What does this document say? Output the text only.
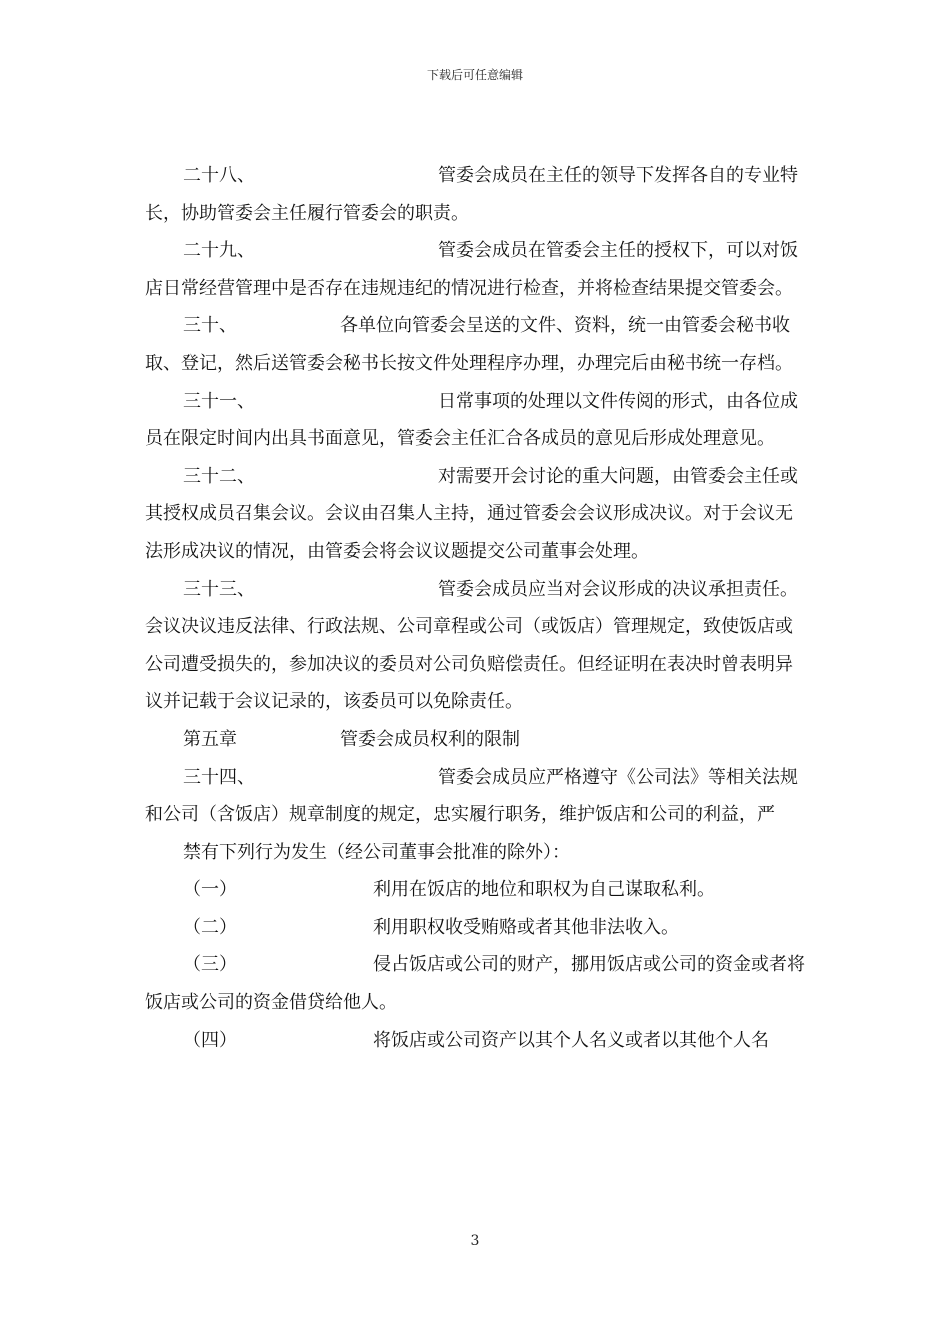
下载后可任意编辑

二十八、	管委会成员在主任的领导下发挥各自的专业特长，协助管委会主任履行管委会的职责。

二十九、	管委会成员在管委会主任的授权下，可以对饭店日常经营管理中是否存在违规违纪的情况进行检查，并将检查结果提交管委会。

三十、	各单位向管委会呈送的文件、资料，统一由管委会秘书收取、登记，然后送管委会秘书长按文件处理程序办理，办理完后由秘书统一存档。

三十一、	日常事项的处理以文件传阅的形式，由各位成员在限定时间内出具书面意见，管委会主任汇合各成员的意见后形成处理意见。

三十二、	对需要开会讨论的重大问题，由管委会主任或其授权成员召集会议。会议由召集人主持，通过管委会会议形成决议。对于会议无法形成决议的情况，由管委会将会议议题提交公司董事会处理。

三十三、	管委会成员应当对会议形成的决议承担责任。会议决议违反法律、行政法规、公司章程或公司（或饭店）管理规定，致使饭店或公司遭受损失的，参加决议的委员对公司负赔偿责任。但经证明在表决时曾表明异议并记载于会议记录的，该委员可以免除责任。

第五章	管委会成员权利的限制

三十四、	管委会成员应严格遵守《公司法》等相关法规和公司（含饭店）规章制度的规定，忠实履行职务，维护饭店和公司的利益，严

禁有下列行为发生（经公司董事会批准的除外）：

（一）	利用在饭店的地位和职权为自己谋取私利。

（二）	利用职权收受贿赂或者其他非法收入。

（三）	侵占饭店或公司的财产，挪用饭店或公司的资金或者将饭店或公司的资金借贷给他人。

（四）	将饭店或公司资产以其个人名义或者以其他个人名

3
